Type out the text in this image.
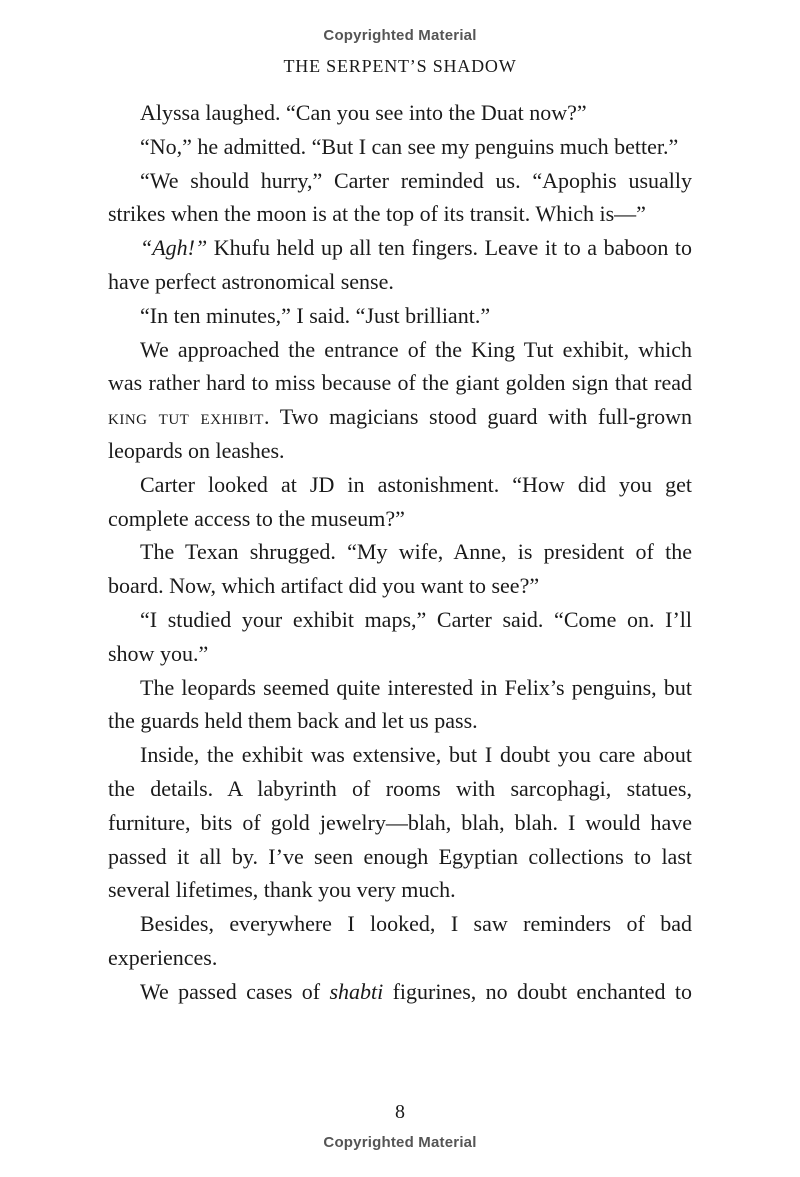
Copyrighted Material
THE SERPENT’S SHADOW

Alyssa laughed. “Can you see into the Duat now?”

“No,” he admitted. “But I can see my penguins much better.”

“We should hurry,” Carter reminded us. “Apophis usually strikes when the moon is at the top of its transit. Which is—”

“Agh!” Khufu held up all ten fingers. Leave it to a baboon to have perfect astronomical sense.

“In ten minutes,” I said. “Just brilliant.”

We approached the entrance of the King Tut exhibit, which was rather hard to miss because of the giant golden sign that read king tut exhibit. Two magicians stood guard with full-grown leopards on leashes.

Carter looked at JD in astonishment. “How did you get complete access to the museum?”

The Texan shrugged. “My wife, Anne, is president of the board. Now, which artifact did you want to see?”

“I studied your exhibit maps,” Carter said. “Come on. I’ll show you.”

The leopards seemed quite interested in Felix’s penguins, but the guards held them back and let us pass.

Inside, the exhibit was extensive, but I doubt you care about the details. A labyrinth of rooms with sarcophagi, statues, furniture, bits of gold jewelry—blah, blah, blah. I would have passed it all by. I’ve seen enough Egyptian collections to last several lifetimes, thank you very much.

Besides, everywhere I looked, I saw reminders of bad experiences.

We passed cases of shabti figurines, no doubt enchanted to

8
Copyrighted Material
